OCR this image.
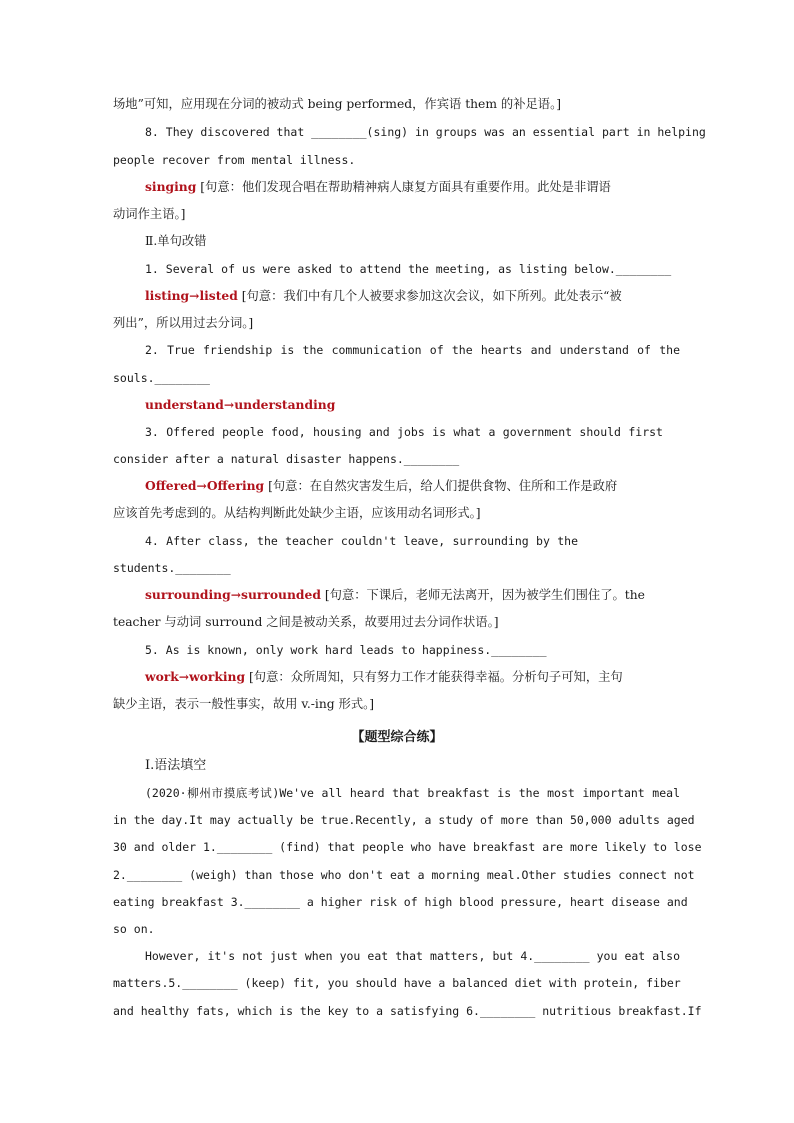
场地”可知，应用现在分词的被动式 being performed，作宾语 them 的补足语。]
8. They discovered that ________(sing) in groups was an essential part in helping
people recover from mental illness.
singing [句意：他们发现合唱在帮助精神病人康复方面具有重要作用。此处是非谓语
动词作主语。]
Ⅱ.单句改错
1. Several of us were asked to attend the meeting, as listing below.________
listing→listed [句意：我们中有几个人被要求参加这次会议，如下所列。此处表示“被
列出”，所以用过去分词。]
2. True friendship is the communication of the hearts and understand of the
souls.________
understand→understanding
3. Offered people food, housing and jobs is what a government should first
consider after a natural disaster happens.________
Offered→Offering [句意：在自然灾害发生后，给人们提供食物、住所和工作是政府
应该首先考虑到的。从结构判断此处缺少主语，应该用动名词形式。]
4. After class, the teacher couldn't leave, surrounding by the
students.________
surrounding→surrounded [句意：下课后，老师无法离开，因为被学生们围住了。the
teacher 与动词 surround 之间是被动关系，故要用过去分词作状语。]
5. As is known, only work hard leads to happiness.________
work→working [句意：众所周知，只有努力工作才能获得幸福。分析句子可知，主句
缺少主语，表示一般性事实，故用 v.-ing 形式。]
【题型综合练】
Ⅰ.语法填空
(2020·柳州市摸底考试)We've all heard that breakfast is the most important meal
in the day.It may actually be true.Recently, a study of more than 50,000 adults aged
30 and older 1.________ (find) that people who have breakfast are more likely to lose
2.________ (weigh) than those who don't eat a morning meal.Other studies connect not
eating breakfast 3.________ a higher risk of high blood pressure, heart disease and
so on.
However, it's not just when you eat that matters, but 4.________ you eat also
matters.5.________ (keep) fit, you should have a balanced diet with protein, fiber
and healthy fats, which is the key to a satisfying 6.________ nutritious breakfast.If
